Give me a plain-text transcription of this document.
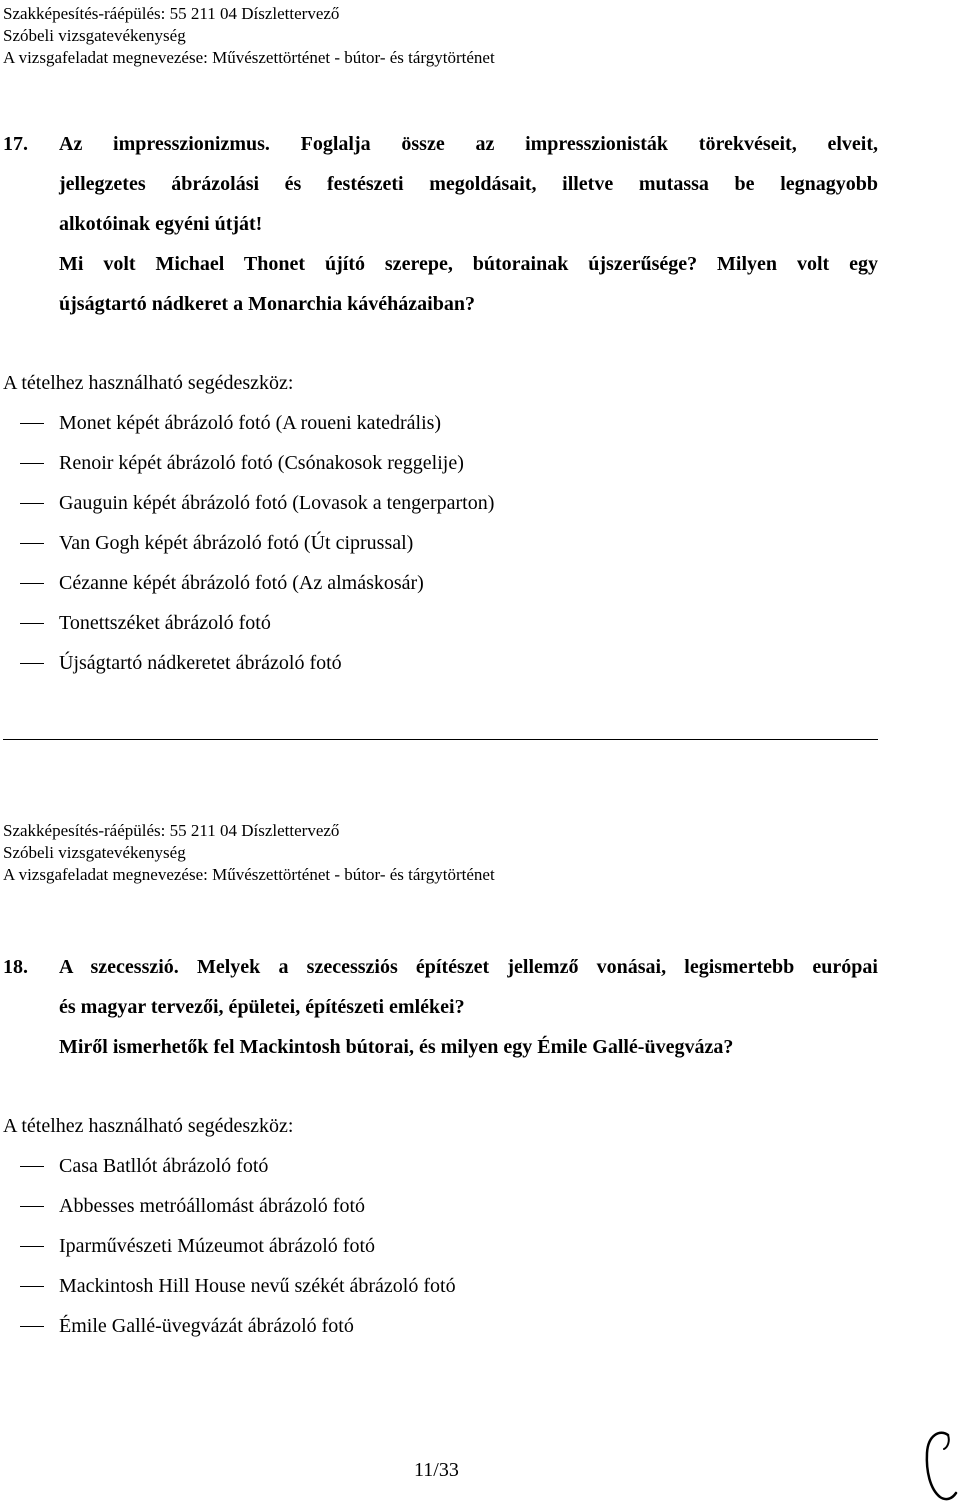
Szakképesítés-ráépülés: 55 211 04 Díszlettervező
Szóbeli vizsgatevékenység
A vizsgafeladat megnevezése: Művészettörténet - bútor- és tárgytörténet
17. Az impresszionizmus. Foglalja össze az impresszionisták törekvéseit, elveit,

jellegzetes ábrázolási és festészeti megoldásait, illetve mutassa be legnagyobb

alkotóinak egyéni útját!

Mi volt Michael Thonet újító szerepe, bútorainak újszerűsége? Milyen volt egy

újságtartó nádkeret a Monarchia kávéházaiban?

A tételhez használható segédeszköz:
Monet képét ábrázoló fotó (A roueni katedrális)
Renoir képét ábrázoló fotó (Csónakosok reggelije)
Gauguin képét ábrázoló fotó (Lovasok a tengerparton)
Van Gogh képét ábrázoló fotó (Út ciprussal)
Cézanne képét ábrázoló fotó (Az almáskosár)
Tonettszéket ábrázoló fotó
Újságtartó nádkeretet ábrázoló fotó
Szakképesítés-ráépülés: 55 211 04 Díszlettervező
Szóbeli vizsgatevékenység
A vizsgafeladat megnevezése: Művészettörténet - bútor- és tárgytörténet
18. A szecesszió. Melyek a szecessziós építészet jellemző vonásai, legismertebb európai

és magyar tervezői, épületei, építészeti emlékei?

Miről ismerhetők fel Mackintosh bútorai, és milyen egy Émile Gallé-üvegváza?

A tételhez használható segédeszköz:
Casa Batllót ábrázoló fotó
Abbesses metróállomást ábrázoló fotó
Iparművészeti Múzeumot ábrázoló fotó
Mackintosh Hill House nevű székét ábrázoló fotó
Émile Gallé-üvegvázát ábrázoló fotó
11/33
